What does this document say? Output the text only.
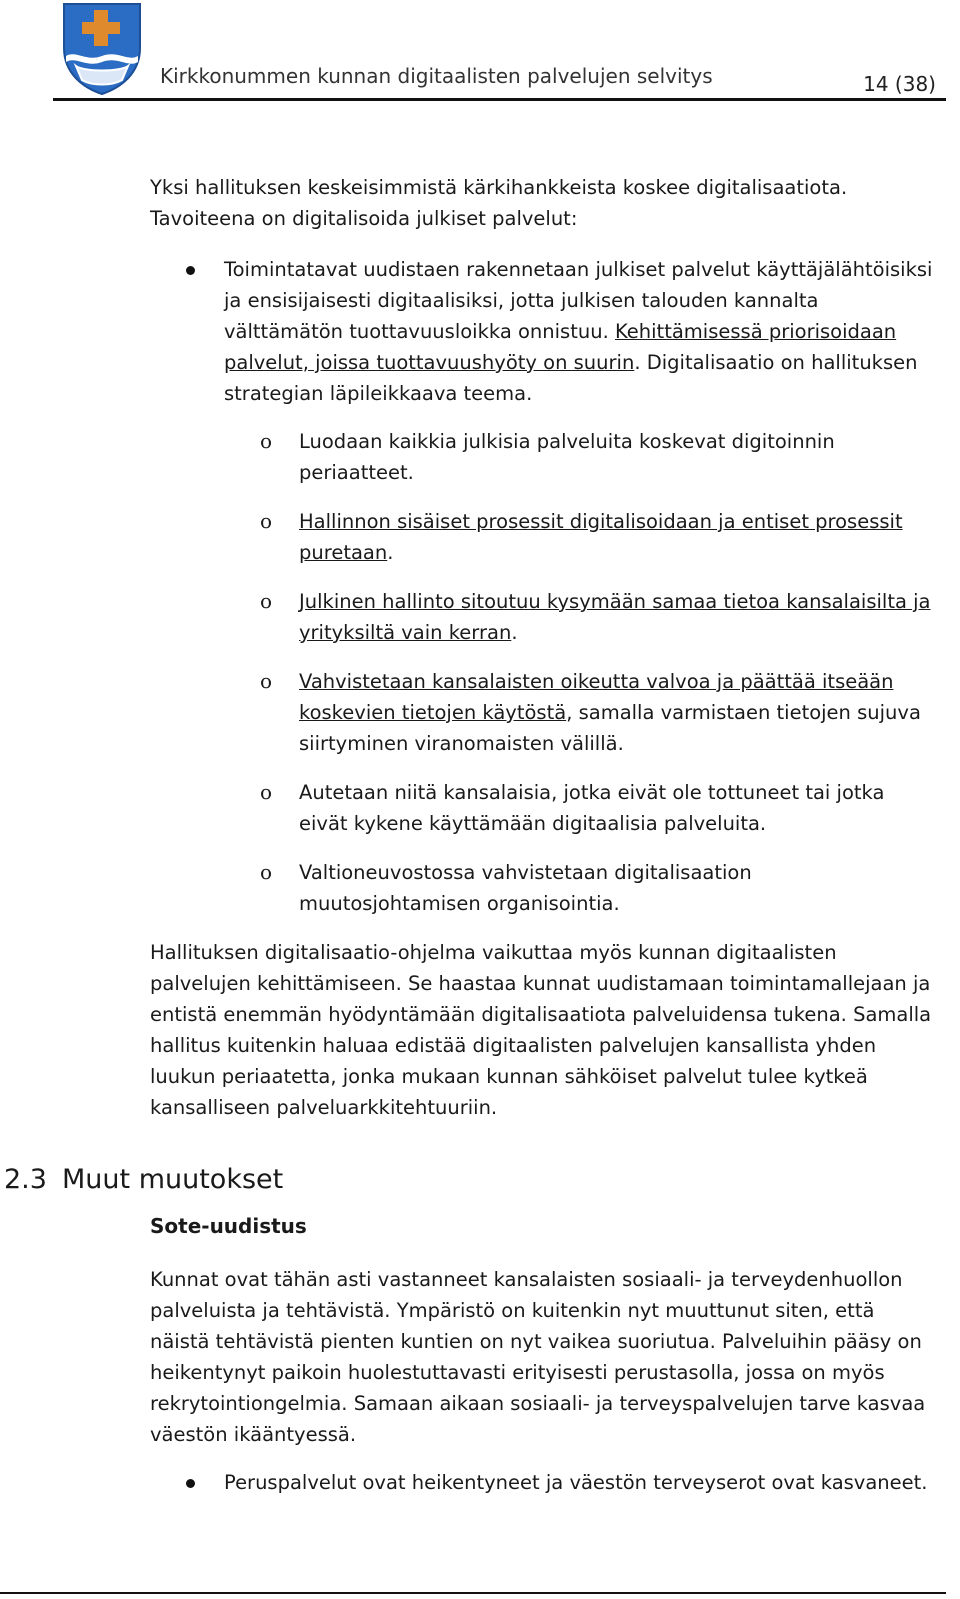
Kirkkonummen kunnan digitaalisten palvelujen selvitys	14 (38)

Yksi hallituksen keskeisimmistä kärkihankkeista koskee digitalisaatiota.

Tavoiteena on digitalisoida julkiset palvelut:

Toimintatavat uudistaen rakennetaan julkiset palvelut käyttäjälähtöisiksi ja ensisijaisesti digitaalisiksi, jotta julkisen talouden kannalta välttämätön tuottavuusloikka onnistuu. Kehittämisessä priorisoidaan palvelut, joissa tuottavuushyöty on suurin. Digitalisaatio on hallituksen strategian läpileikkaava teema.

o Luodaan kaikkia julkisia palveluita koskevat digitoinnin periaatteet.

o Hallinnon sisäiset prosessit digitalisoidaan ja entiset prosessit puretaan.

o Julkinen hallinto sitoutuu kysymään samaa tietoa kansalaisilta ja yrityksiltä vain kerran.

o Vahvistetaan kansalaisten oikeutta valvoa ja päättää itseään koskevien tietojen käytöstä, samalla varmistaen tietojen sujuva siirtyminen viranomaisten välillä.

o Autetaan niitä kansalaisia, jotka eivät ole tottuneet tai jotka eivät kykene käyttämään digitaalisia palveluita.

o Valtioneuvostossa vahvistetaan digitalisaation muutosjohtamisen organisointia.

Hallituksen digitalisaatio-ohjelma vaikuttaa myös kunnan digitaalisten palvelujen kehittämiseen. Se haastaa kunnat uudistamaan toimintamallejaan ja entistä enemmän hyödyntämään digitalisaatiota palveluidensa tukena. Samalla hallitus kuitenkin haluaa edistää digitaalisten palvelujen kansallista yhden luukun periaatetta, jonka mukaan kunnan sähköiset palvelut tulee kytkeä kansalliseen palveluarkkitehtuuriin.

2.3 Muut muutokset
Sote-uudistus

Kunnat ovat tähän asti vastanneet kansalaisten sosiaali- ja terveydenhuollon palveluista ja tehtävistä. Ympäristö on kuitenkin nyt muuttunut siten, että näistä tehtävistä pienten kuntien on nyt vaikea suoriutua. Palveluihin pääsy on heikentynyt paikoin huolestuttavasti erityisesti perustasolla, jossa on myös rekrytointiongelmia. Samaan aikaan sosiaali- ja terveyspalvelujen tarve kasvaa väestön ikääntyessä.

Peruspalvelut ovat heikentyneet ja väestön terveyserot ovat kasvaneet.
